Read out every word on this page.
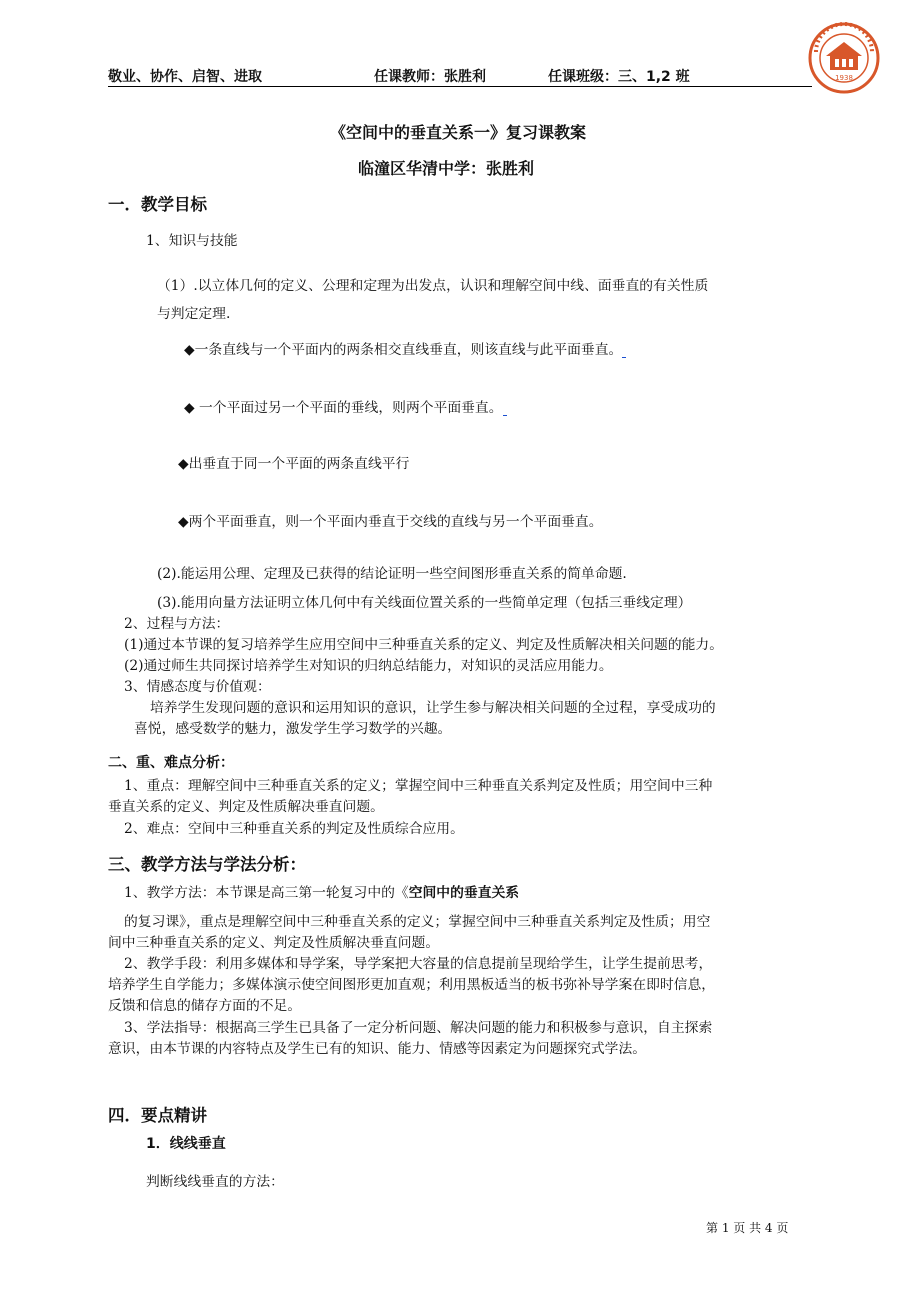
敬业、协作、启智、进取	任课教师：张胜利	任课班级：三、1,2 班	1938
《空间中的垂直关系一》复习课教案
临潼区华清中学：张胜利
一．教学目标
1、知识与技能
（1）.以立体几何的定义、公理和定理为出发点，认识和理解空间中线、面垂直的有关性质
与判定定理.
◆一条直线与一个平面内的两条相交直线垂直，则该直线与此平面垂直。
◆ 一个平面过另一个平面的垂线，则两个平面垂直。
◆出垂直于同一个平面的两条直线平行
◆两个平面垂直，则一个平面内垂直于交线的直线与另一个平面垂直。
(2).能运用公理、定理及已获得的结论证明一些空间图形垂直关系的简单命题.
(3).能用向量方法证明立体几何中有关线面位置关系的一些简单定理（包括三垂线定理）
2、过程与方法：
(1)通过本节课的复习培养学生应用空间中三种垂直关系的定义、判定及性质解决相关问题的能力。
(2)通过师生共同探讨培养学生对知识的归纳总结能力，对知识的灵活应用能力。
3、情感态度与价值观：
培养学生发现问题的意识和运用知识的意识，让学生参与解决相关问题的全过程，享受成功的
喜悦，感受数学的魅力，激发学生学习数学的兴趣。
二、重、难点分析：
1、重点：理解空间中三种垂直关系的定义；掌握空间中三种垂直关系判定及性质；用空间中三种
垂直关系的定义、判定及性质解决垂直问题。
2、难点：空间中三种垂直关系的判定及性质综合应用。
三、教学方法与学法分析：
1、教学方法：本节课是高三第一轮复习中的《空间中的垂直关系
的复习课》，重点是理解空间中三种垂直关系的定义；掌握空间中三种垂直关系判定及性质；用空
间中三种垂直关系的定义、判定及性质解决垂直问题。
2、教学手段：利用多媒体和导学案，导学案把大容量的信息提前呈现给学生，让学生提前思考，
培养学生自学能力；多媒体演示使空间图形更加直观；利用黑板适当的板书弥补导学案在即时信息，
反馈和信息的储存方面的不足。
3、学法指导：根据高三学生已具备了一定分析问题、解决问题的能力和积极参与意识，自主探索
意识，由本节课的内容特点及学生已有的知识、能力、情感等因素定为问题探究式学法。
四．要点精讲
1．线线垂直
判断线线垂直的方法：
第 1 页 共 4 页
